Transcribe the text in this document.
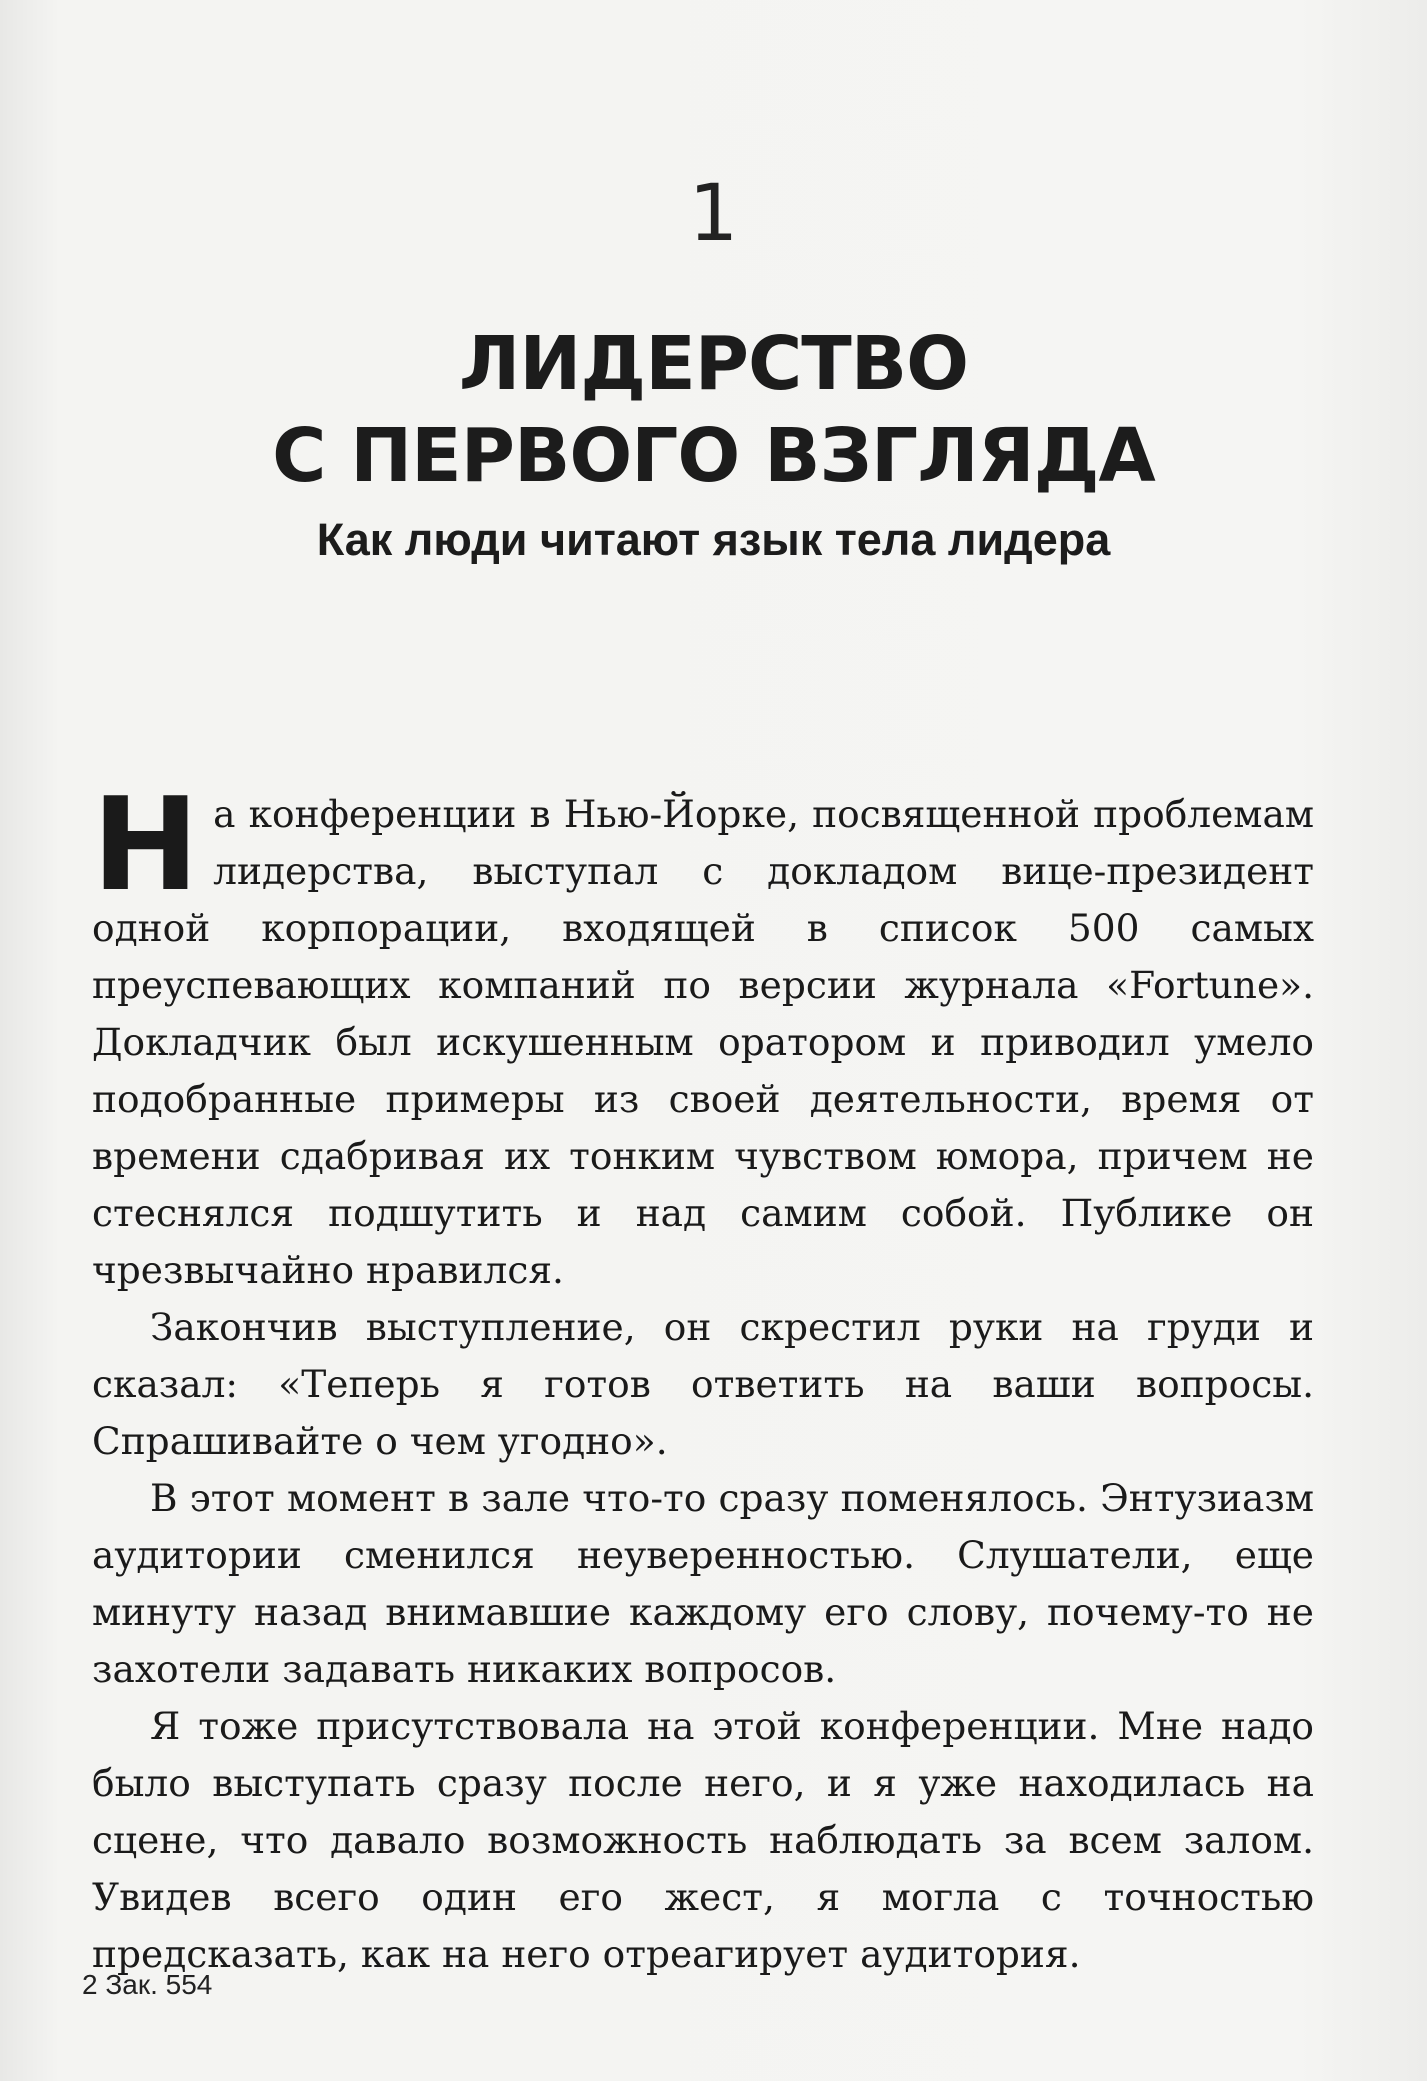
1
ЛИДЕРСТВО
С ПЕРВОГО ВЗГЛЯДА
Как люди читают язык тела лидера

На конференции в Нью-Йорке, посвященной проблемам лидерства, выступал с докладом вице-президент одной корпорации, входящей в список 500 самых преуспевающих компаний по версии журнала «Fortune». Докладчик был искушенным оратором и приводил умело подобранные примеры из своей деятельности, время от времени сдабривая их тонким чувством юмора, причем не стеснялся подшутить и над самим собой. Публике он чрезвычайно нравился.

Закончив выступление, он скрестил руки на груди и сказал: «Теперь я готов ответить на ваши вопросы. Спрашивайте о чем угодно».

В этот момент в зале что-то сразу поменялось. Энтузиазм аудитории сменился неуверенностью. Слушатели, еще минуту назад внимавшие каждому его слову, почему-то не захотели задавать никаких вопросов.

Я тоже присутствовала на этой конференции. Мне надо было выступать сразу после него, и я уже находилась на сцене, что давало возможность наблюдать за всем залом. Увидев всего один его жест, я могла с точностью предсказать, как на него отреагирует аудитория.

2 Зак. 554
